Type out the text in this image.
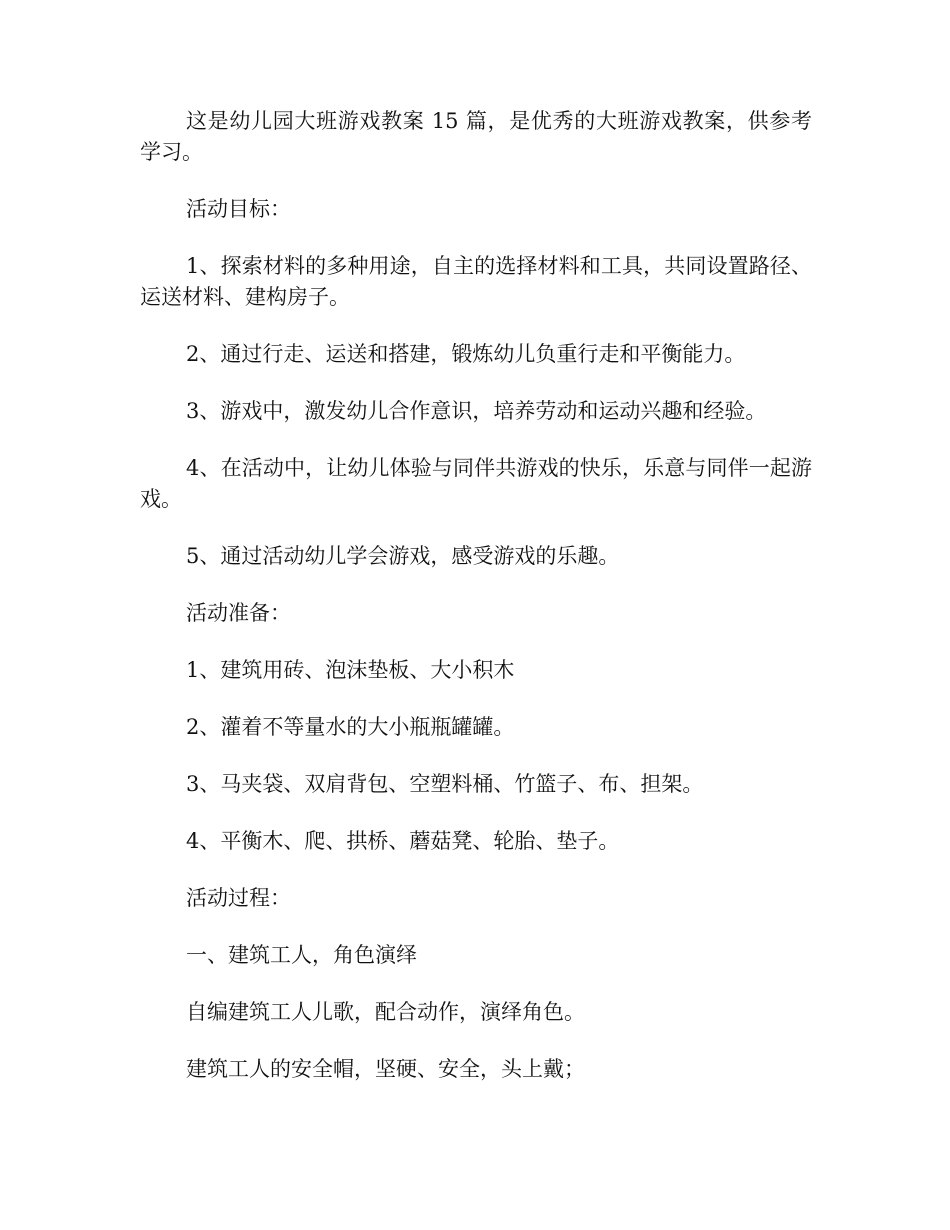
这是幼儿园大班游戏教案 15 篇，是优秀的大班游戏教案，供参考学习。

活动目标：

1、探索材料的多种用途，自主的选择材料和工具，共同设置路径、运送材料、建构房子。

2、通过行走、运送和搭建，锻炼幼儿负重行走和平衡能力。

3、游戏中，激发幼儿合作意识，培养劳动和运动兴趣和经验。

4、在活动中，让幼儿体验与同伴共游戏的快乐，乐意与同伴一起游戏。

5、通过活动幼儿学会游戏，感受游戏的乐趣。

活动准备：

1、建筑用砖、泡沫垫板、大小积木

2、灌着不等量水的大小瓶瓶罐罐。

3、马夹袋、双肩背包、空塑料桶、竹篮子、布、担架。

4、平衡木、爬、拱桥、蘑菇凳、轮胎、垫子。

活动过程：

一、建筑工人，角色演绎

自编建筑工人儿歌，配合动作，演绎角色。

建筑工人的安全帽，坚硬、安全，头上戴；
